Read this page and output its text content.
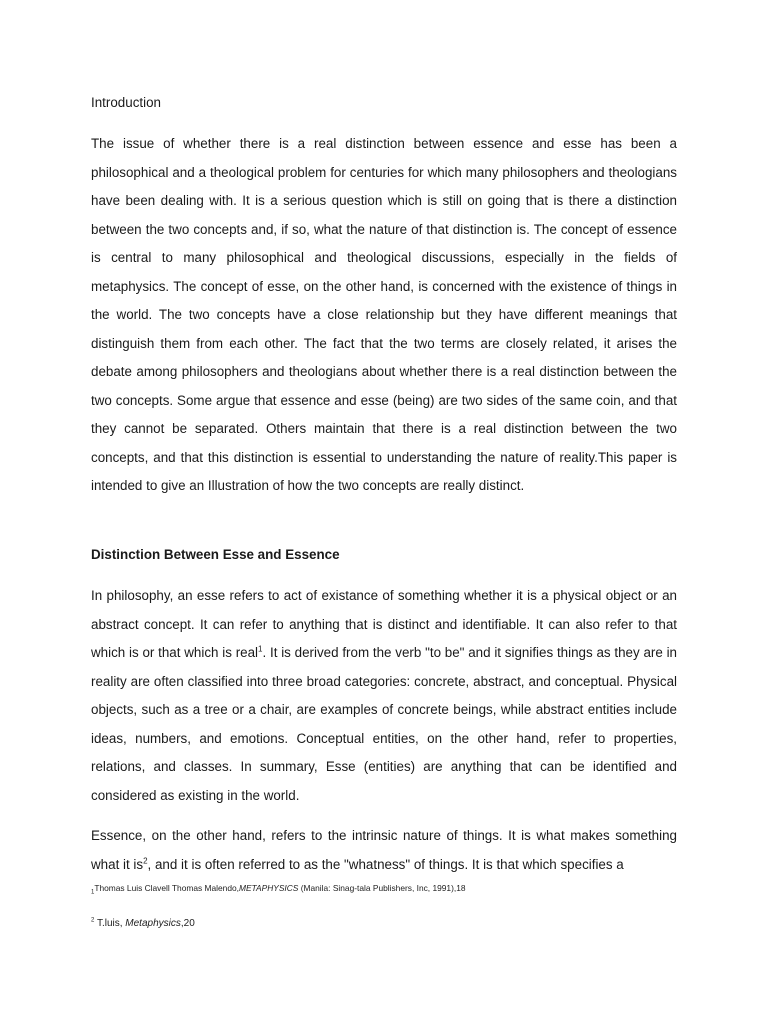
Introduction

The issue of whether there is a real distinction between essence and esse has been a philosophical and a theological problem for centuries for which many philosophers and theologians have been dealing with. It is a serious question which is still on going that is there a distinction between the two concepts and, if so, what the nature of that distinction is. The concept of essence is central to many philosophical and theological discussions, especially in the fields of metaphysics. The concept of esse, on the other hand, is concerned with the existence of things in the world. The two concepts have a close relationship but they have different meanings that distinguish them from each other. The fact that the two terms are closely related, it arises the debate among philosophers and theologians about whether there is a real distinction between the two concepts. Some argue that essence and esse (being) are two sides of the same coin, and that they cannot be separated. Others maintain that there is a real distinction between the two concepts, and that this distinction is essential to understanding the nature of reality.This paper is intended to give an Illustration of how the two concepts are really distinct.

Distinction Between Esse and Essence

In philosophy, an esse refers to act of existance of something whether it is a physical object or an abstract concept. It can refer to anything that is distinct and identifiable. It can also refer to that which is or that which is real$^1$. It is derived from the verb "to be" and it signifies things as they are in reality are often classified into three broad categories: concrete, abstract, and conceptual. Physical objects, such as a tree or a chair, are examples of concrete beings, while abstract entities include ideas, numbers, and emotions. Conceptual entities, on the other hand, refer to properties, relations, and classes. In summary, Esse (entities) are anything that can be identified and considered as existing in the world.

Essence, on the other hand, refers to the intrinsic nature of things. It is what makes something what it $is^2$, and it is often referred to as the "whatness" of things. It is that which specifies a

$_1$Thomas Luis Clavell Thomas Malendo,METAPHYSICS (Manila: Sinag-tala Publishers, Inc, 1991),18
$^2$ T.luis, Metaphysics,20
